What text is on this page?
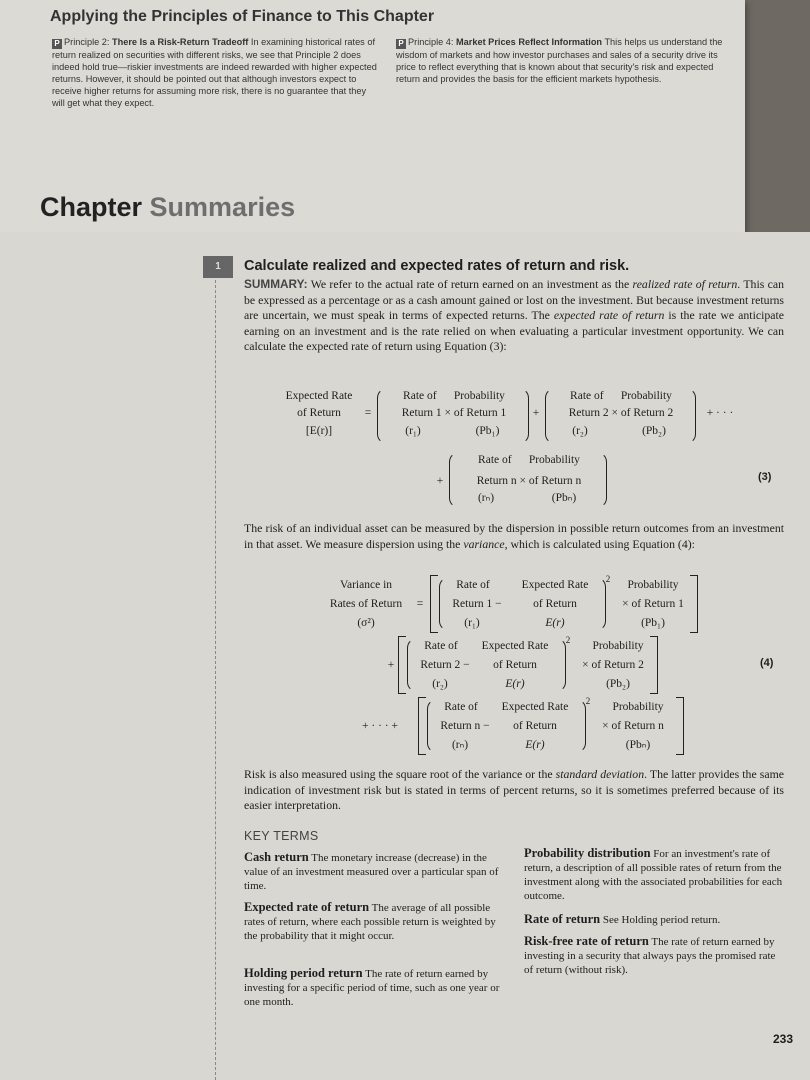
Applying the Principles of Finance to This Chapter
P Principle 2: There Is a Risk-Return Tradeoff In examining historical rates of return realized on securities with different risks, we see that Principle 2 does indeed hold true—riskier investments are indeed rewarded with higher expected returns. However, it should be pointed out that although investors expect to receive higher returns for assuming more risk, there is no guarantee that they will get what they expect.
P Principle 4: Market Prices Reflect Information This helps us understand the wisdom of markets and how investor purchases and sales of a security drive its price to reflect everything that is known about that security's risk and expected return and provides the basis for the efficient markets hypothesis.
Chapter Summaries
1	Calculate realized and expected rates of return and risk.
SUMMARY: We refer to the actual rate of return earned on an investment as the realized rate of return. This can be expressed as a percentage or as a cash amount gained or lost on the investment. But because investment returns are uncertain, we must speak in terms of expected returns. The expected rate of return is the rate we anticipate earning on an investment and is the rate relied on when evaluating a particular investment opportunity. We can calculate the expected rate of return using Equation (3):
Expected Rate
of Return
[E(r)]
=
Rate of      Probability
Return 1 × of Return 1
(r₁)	(Pb₁)
+
Rate of      Probability
Return 2 × of Return 2
(r₂)	(Pb₂)
+ · · ·
+
Rate of      Probability
Return n × of Return n
(rₙ)	(Pbₙ)
(3)
The risk of an individual asset can be measured by the dispersion in possible return outcomes from an investment in that asset. We measure dispersion using the variance, which is calculated using Equation (4):
Variance in
Rates of Return
(σ²)
=
Rate of
Return 1 −
(r₁)
Expected Rate
of Return
E(r)
2	Probability
× of Return 1
(Pb₁)
+
Rate of
Return 2 −
(r₂)
Expected Rate
of Return
E(r)
2	Probability
× of Return 2
(Pb₂)
(4)
+ · · · +
Rate of
Return n −
(rₙ)
Expected Rate
of Return
E(r)
2	Probability
× of Return n
(Pbₙ)
Risk is also measured using the square root of the variance or the standard deviation. The latter provides the same indication of investment risk but is stated in terms of percent returns, so it is sometimes preferred because of its easier interpretation.
KEY TERMS
Cash return The monetary increase (decrease) in the value of an investment measured over a particular span of time.
Expected rate of return The average of all possible rates of return, where each possible return is weighted by the probability that it might occur.
Holding period return The rate of return earned by investing for a specific period of time, such as one year or one month.
Probability distribution For an investment's rate of return, a description of all possible rates of return from the investment along with the associated probabilities for each outcome.
Rate of return See Holding period return.
Risk-free rate of return The rate of return earned by investing in a security that always pays the promised rate of return (without risk).
233
